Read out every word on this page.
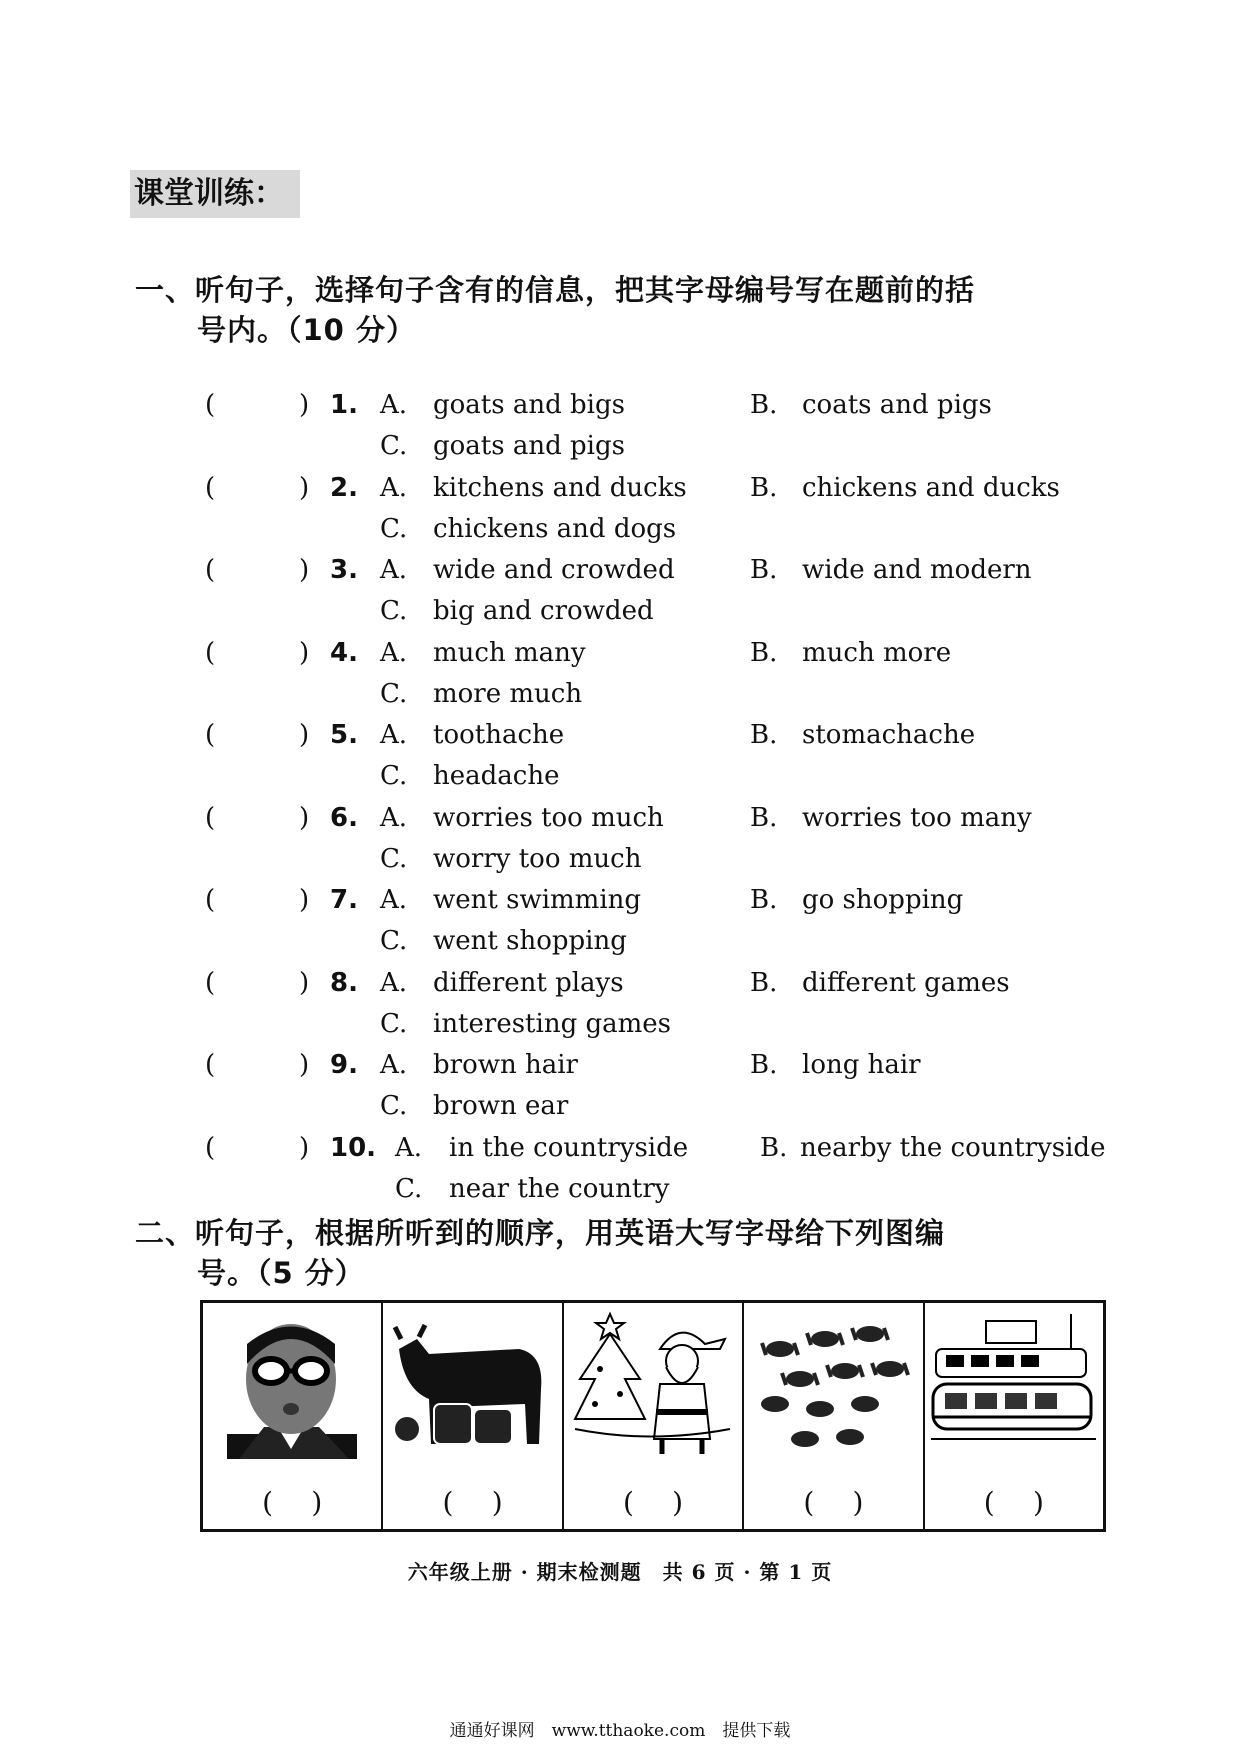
课堂训练：
一、听句子，选择句子含有的信息，把其字母编号写在题前的括
号内。（10 分）
(	) 1. A. goats and bigs	B. coats and pigs
C. goats and pigs
(	) 2. A. kitchens and ducks B. chickens and ducks
C. chickens and dogs
(	) 3. A. wide and crowded	B. wide and modern
C. big and crowded
(	) 4. A. much many	B. much more
C. more much
(	) 5. A. toothache	B. stomachache
C. headache
(	) 6. A. worries too much	B. worries too many
C. worry too much
(	) 7. A. went swimming	B. go shopping
C. went shopping
(	) 8. A. different plays	B. different games
C. interesting games
(	) 9. A. brown hair	B. long hair
C. brown ear
(	) 10. A. in the countryside	B. nearby the countryside
C. near the country
二、听句子，根据所听到的顺序，用英语大写字母给下列图编
号。（5 分）
( )	( )	( )	( )	( )
六年级上册 · 期末检测题　共 6 页 · 第 1 页
通通好课网　www.tthaoke.com　提供下载
